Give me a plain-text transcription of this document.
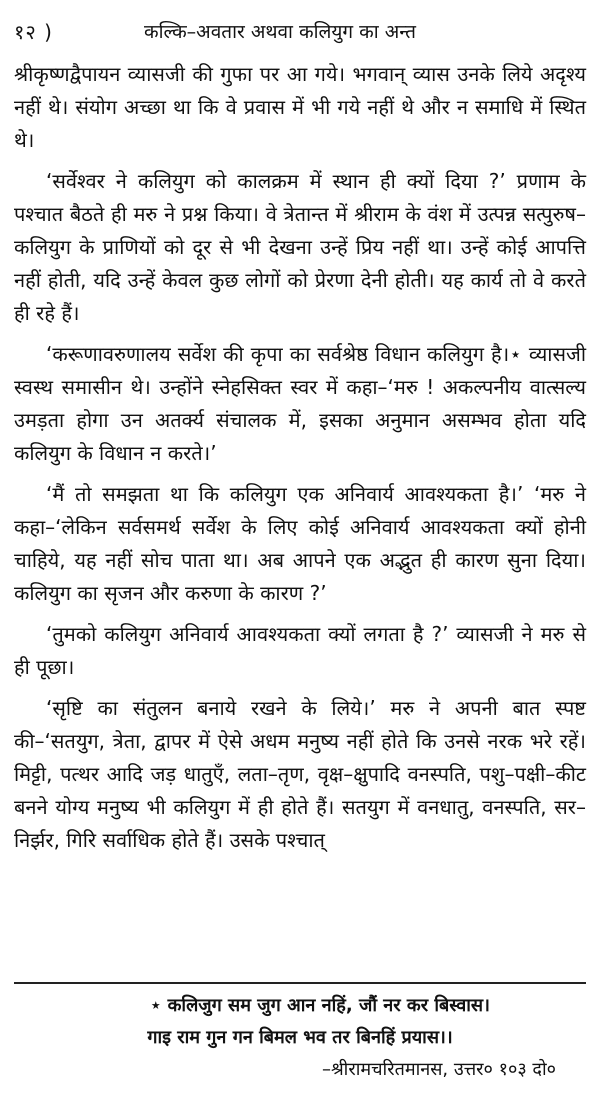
१२ )	कल्कि–अवतार अथवा कलियुग का अन्त

श्रीकृष्णद्वैपायन व्यासजी की गुफा पर आ गये। भगवान् व्यास उनके लिये अदृश्य नहीं थे। संयोग अच्छा था कि वे प्रवास में भी गये नहीं थे और न समाधि में स्थित थे।

‘सर्वेश्वर ने कलियुग को कालक्रम में स्थान ही क्यों दिया ?’ प्रणाम के पश्चात बैठते ही मरु ने प्रश्न किया। वे त्रेतान्त में श्रीराम के वंश में उत्पन्न सत्पुरुष–कलियुग के प्राणियों को दूर से भी देखना उन्हें प्रिय नहीं था। उन्हें कोई आपत्ति नहीं होती, यदि उन्हें केवल कुछ लोगों को प्रेरणा देनी होती। यह कार्य तो वे करते ही रहे हैं।

‘करूणावरुणालय सर्वेश की कृपा का सर्वश्रेष्ठ विधान कलियुग है।⋆ व्यासजी स्वस्थ समासीन थे। उन्होंने स्नेहसिक्त स्वर में कहा–‘मरु ! अकल्पनीय वात्सल्य उमड़ता होगा उन अतर्क्य संचालक में, इसका अनुमान असम्भव होता यदि कलियुग के विधान न करते।’

‘मैं तो समझता था कि कलियुग एक अनिवार्य आवश्यकता है।’ ‘मरु ने कहा–‘लेकिन सर्वसमर्थ सर्वेश के लिए कोई अनिवार्य आवश्यकता क्यों होनी चाहिये, यह नहीं सोच पाता था। अब आपने एक अद्भुत ही कारण सुना दिया। कलियुग का सृजन और करुणा के कारण ?’

‘तुमको कलियुग अनिवार्य आवश्यकता क्यों लगता है ?’ व्यासजी ने मरु से ही पूछा।

‘सृष्टि का संतुलन बनाये रखने के लिये।’ मरु ने अपनी बात स्पष्ट की–‘सतयुग, त्रेता, द्वापर में ऐसे अधम मनुष्य नहीं होते कि उनसे नरक भरे रहें। मिट्टी, पत्थर आदि जड़ धातुएँ, लता–तृण, वृक्ष–क्षुपादि वनस्पति, पशु–पक्षी–कीट बनने योग्य मनुष्य भी कलियुग में ही होते हैं। सतयुग में वनधातु, वनस्पति, सर–निर्झर, गिरि सर्वाधिक होते हैं। उसके पश्चात्

⋆ कलिजुग सम जुग आन नहिं, जौं नर कर बिस्वास।
गाइ राम गुन गन बिमल भव तर बिनहिं प्रयास।।
–श्रीरामचरितमानस, उत्तर० १०३ दो०
